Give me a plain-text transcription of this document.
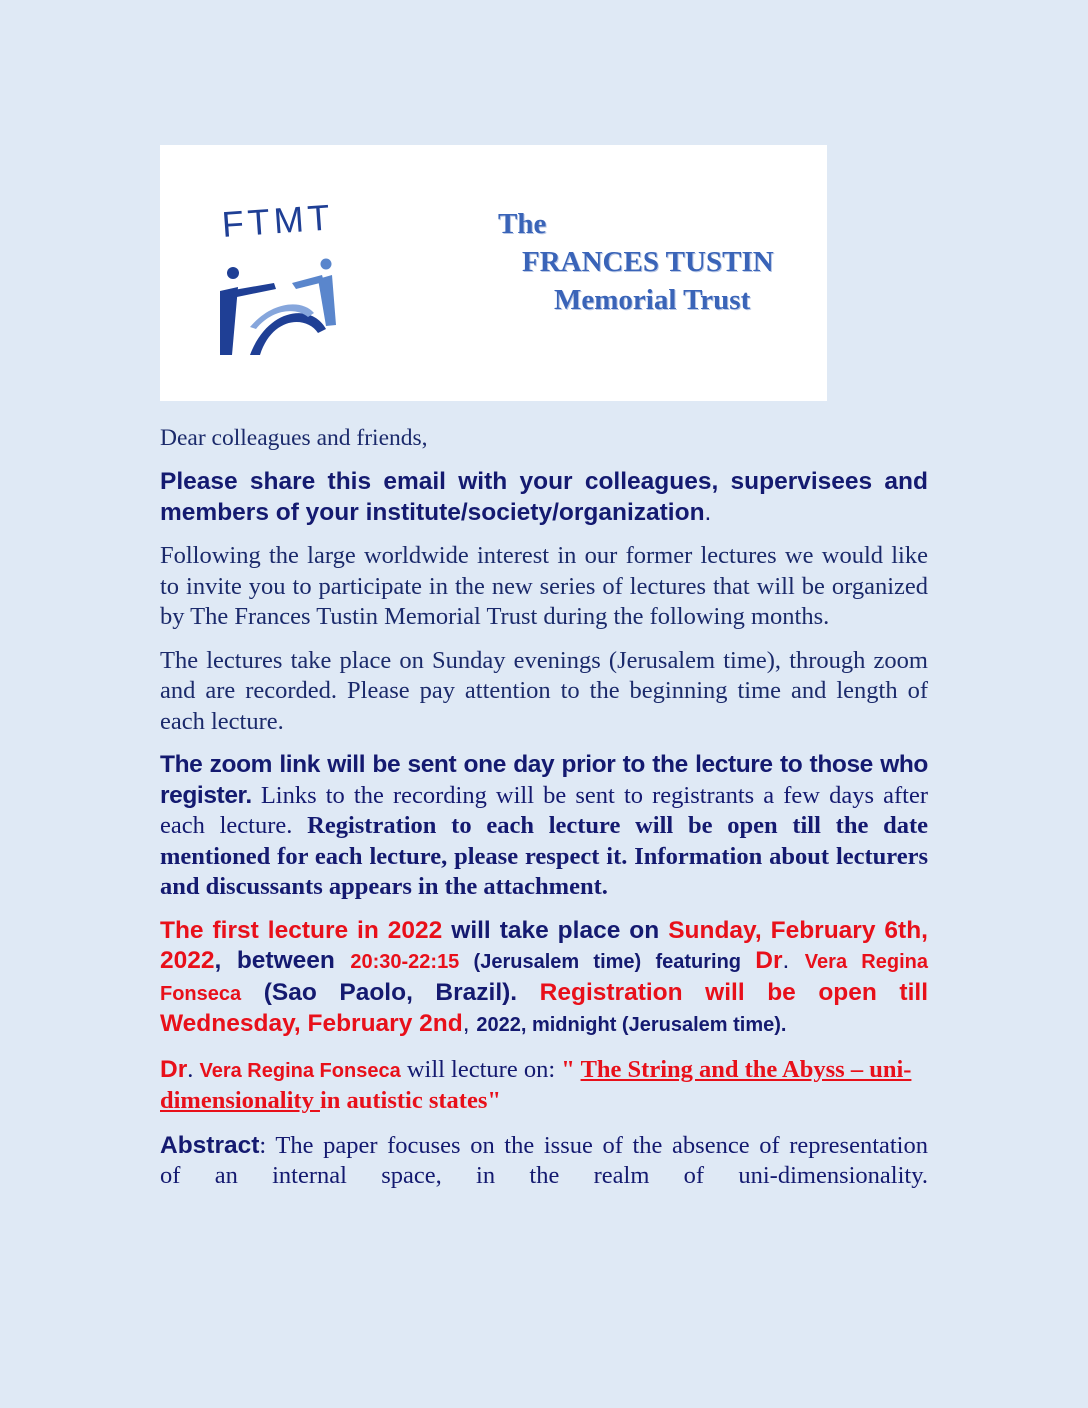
FTMT	The
FRANCES TUSTIN
Memorial Trust

Dear colleagues and friends,

Please share this email with your colleagues, supervisees and members of your institute/society/organization.

Following the large worldwide interest in our former lectures we would like to invite you to participate in the new series of lectures that will be organized by The Frances Tustin Memorial Trust during the following months.

The lectures take place on Sunday evenings (Jerusalem time), through zoom and are recorded. Please pay attention to the beginning time and length of each lecture.

The zoom link will be sent one day prior to the lecture to those who register. Links to the recording will be sent to registrants a few days after each lecture. Registration to each lecture will be open till the date mentioned for each lecture, please respect it. Information about lecturers and discussants appears in the attachment.

The first lecture in 2022 will take place on Sunday, February 6th, 2022, between 20:30-22:15 (Jerusalem time) featuring Dr. Vera Regina Fonseca (Sao Paolo, Brazil). Registration will be open till Wednesday, February 2nd, 2022, midnight (Jerusalem time).

Dr. Vera Regina Fonseca will lecture on: " The String and the Abyss – uni-dimensionality in autistic states"

Abstract: The paper focuses on the issue of the absence of representation of an internal space, in the realm of uni-dimensionality.
